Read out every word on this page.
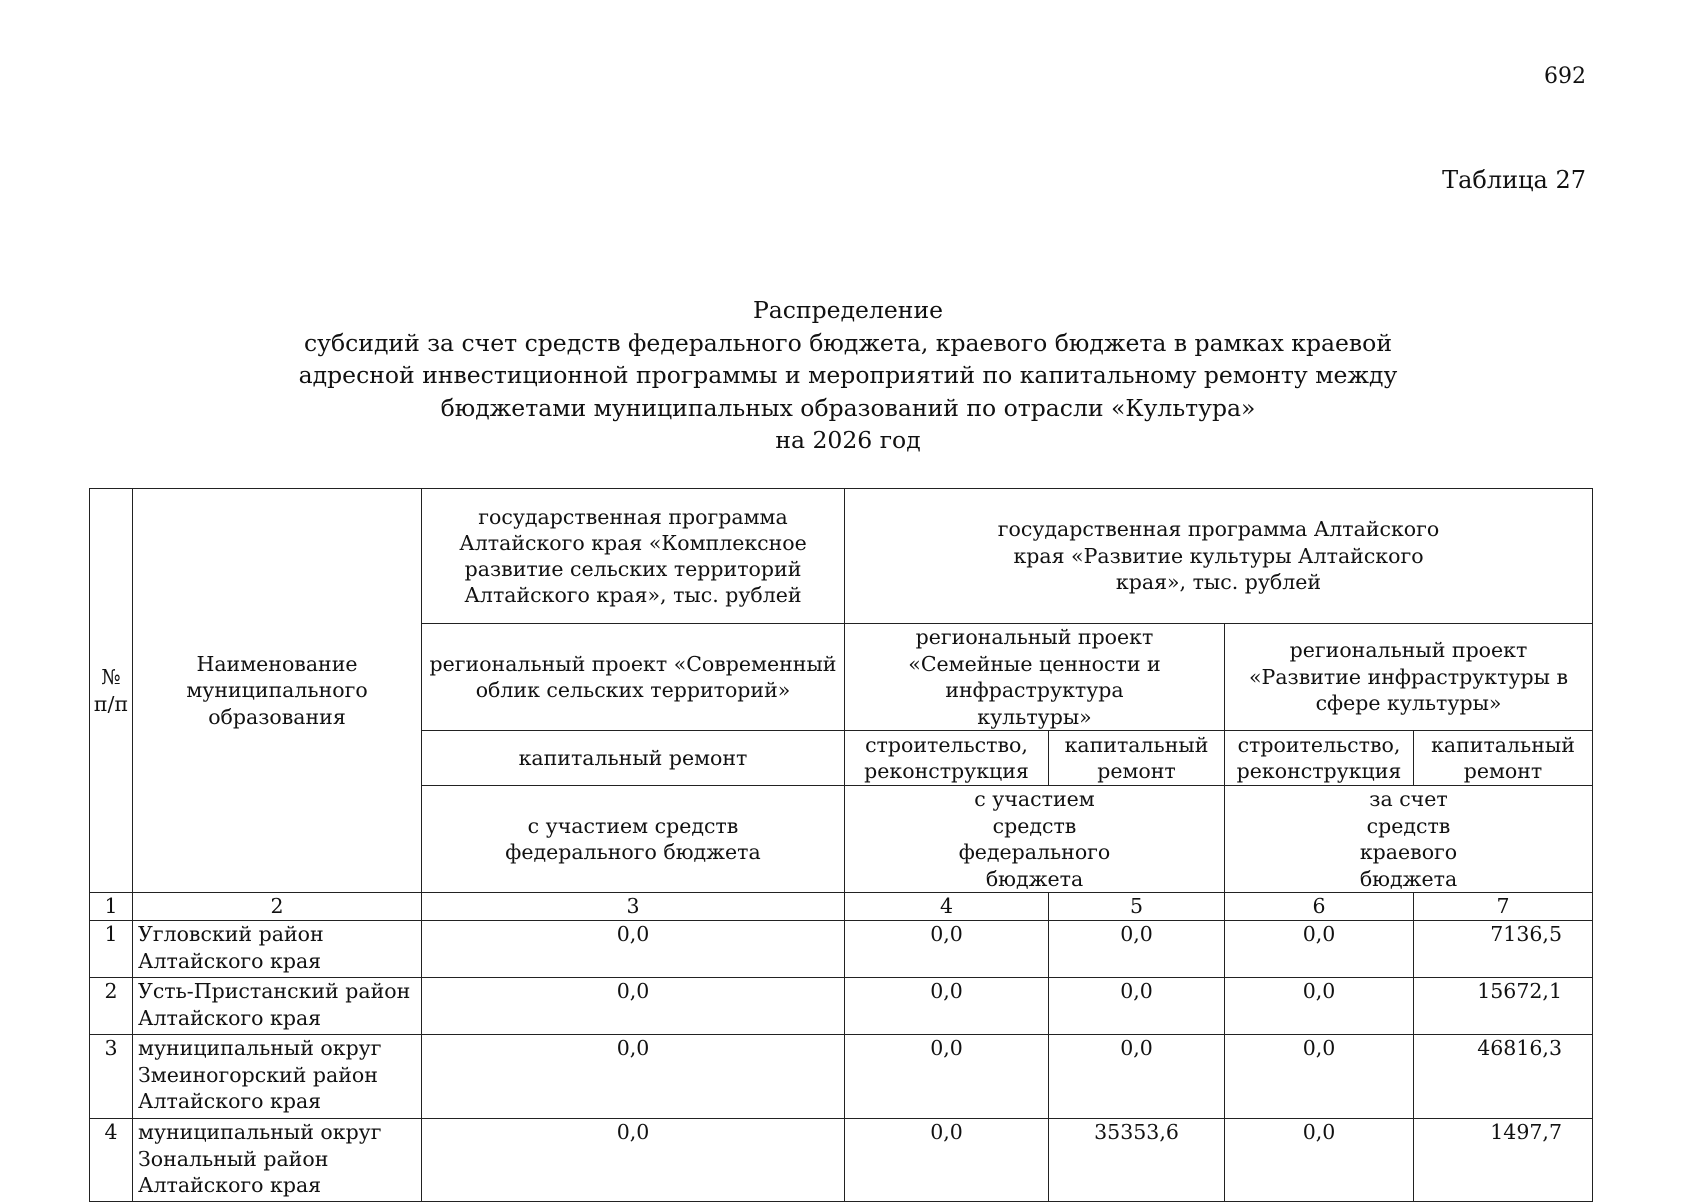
692
Таблица 27
Распределение
субсидий за счет средств федерального бюджета, краевого бюджета в рамках краевой
адресной инвестиционной программы и мероприятий по капитальному ремонту между
бюджетами муниципальных образований по отрасли «Культура»
на 2026 год
№ п/п	Наименование муниципального образования	государственная программа Алтайского края «Комплексное развитие сельских территорий Алтайского края», тыс. рублей	государственная программа Алтайского края «Развитие культуры Алтайского края», тыс. рублей			
		региональный проект «Современный облик сельских территорий»	региональный проект «Семейные ценности и инфраструктура культуры»		региональный проект «Развитие инфраструктуры в сфере культуры»	
		капитальный ремонт	строительство, реконструкция	капитальный ремонт	строительство, реконструкция	капитальный ремонт
		с участием средств федерального бюджета	с участием средств федерального бюджета		за счет средств краевого бюджета	
1	2	3	4	5	6	7
1	Угловский район Алтайского края	0,0	0,0	0,0	0,0	7136,5
2	Усть-Пристанский район Алтайского края	0,0	0,0	0,0	0,0	15672,1
3	муниципальный округ Змеиногорский район Алтайского края	0,0	0,0	0,0	0,0	46816,3
4	муниципальный округ Зональный район Алтайского края	0,0	0,0	35353,6	0,0	1497,7
